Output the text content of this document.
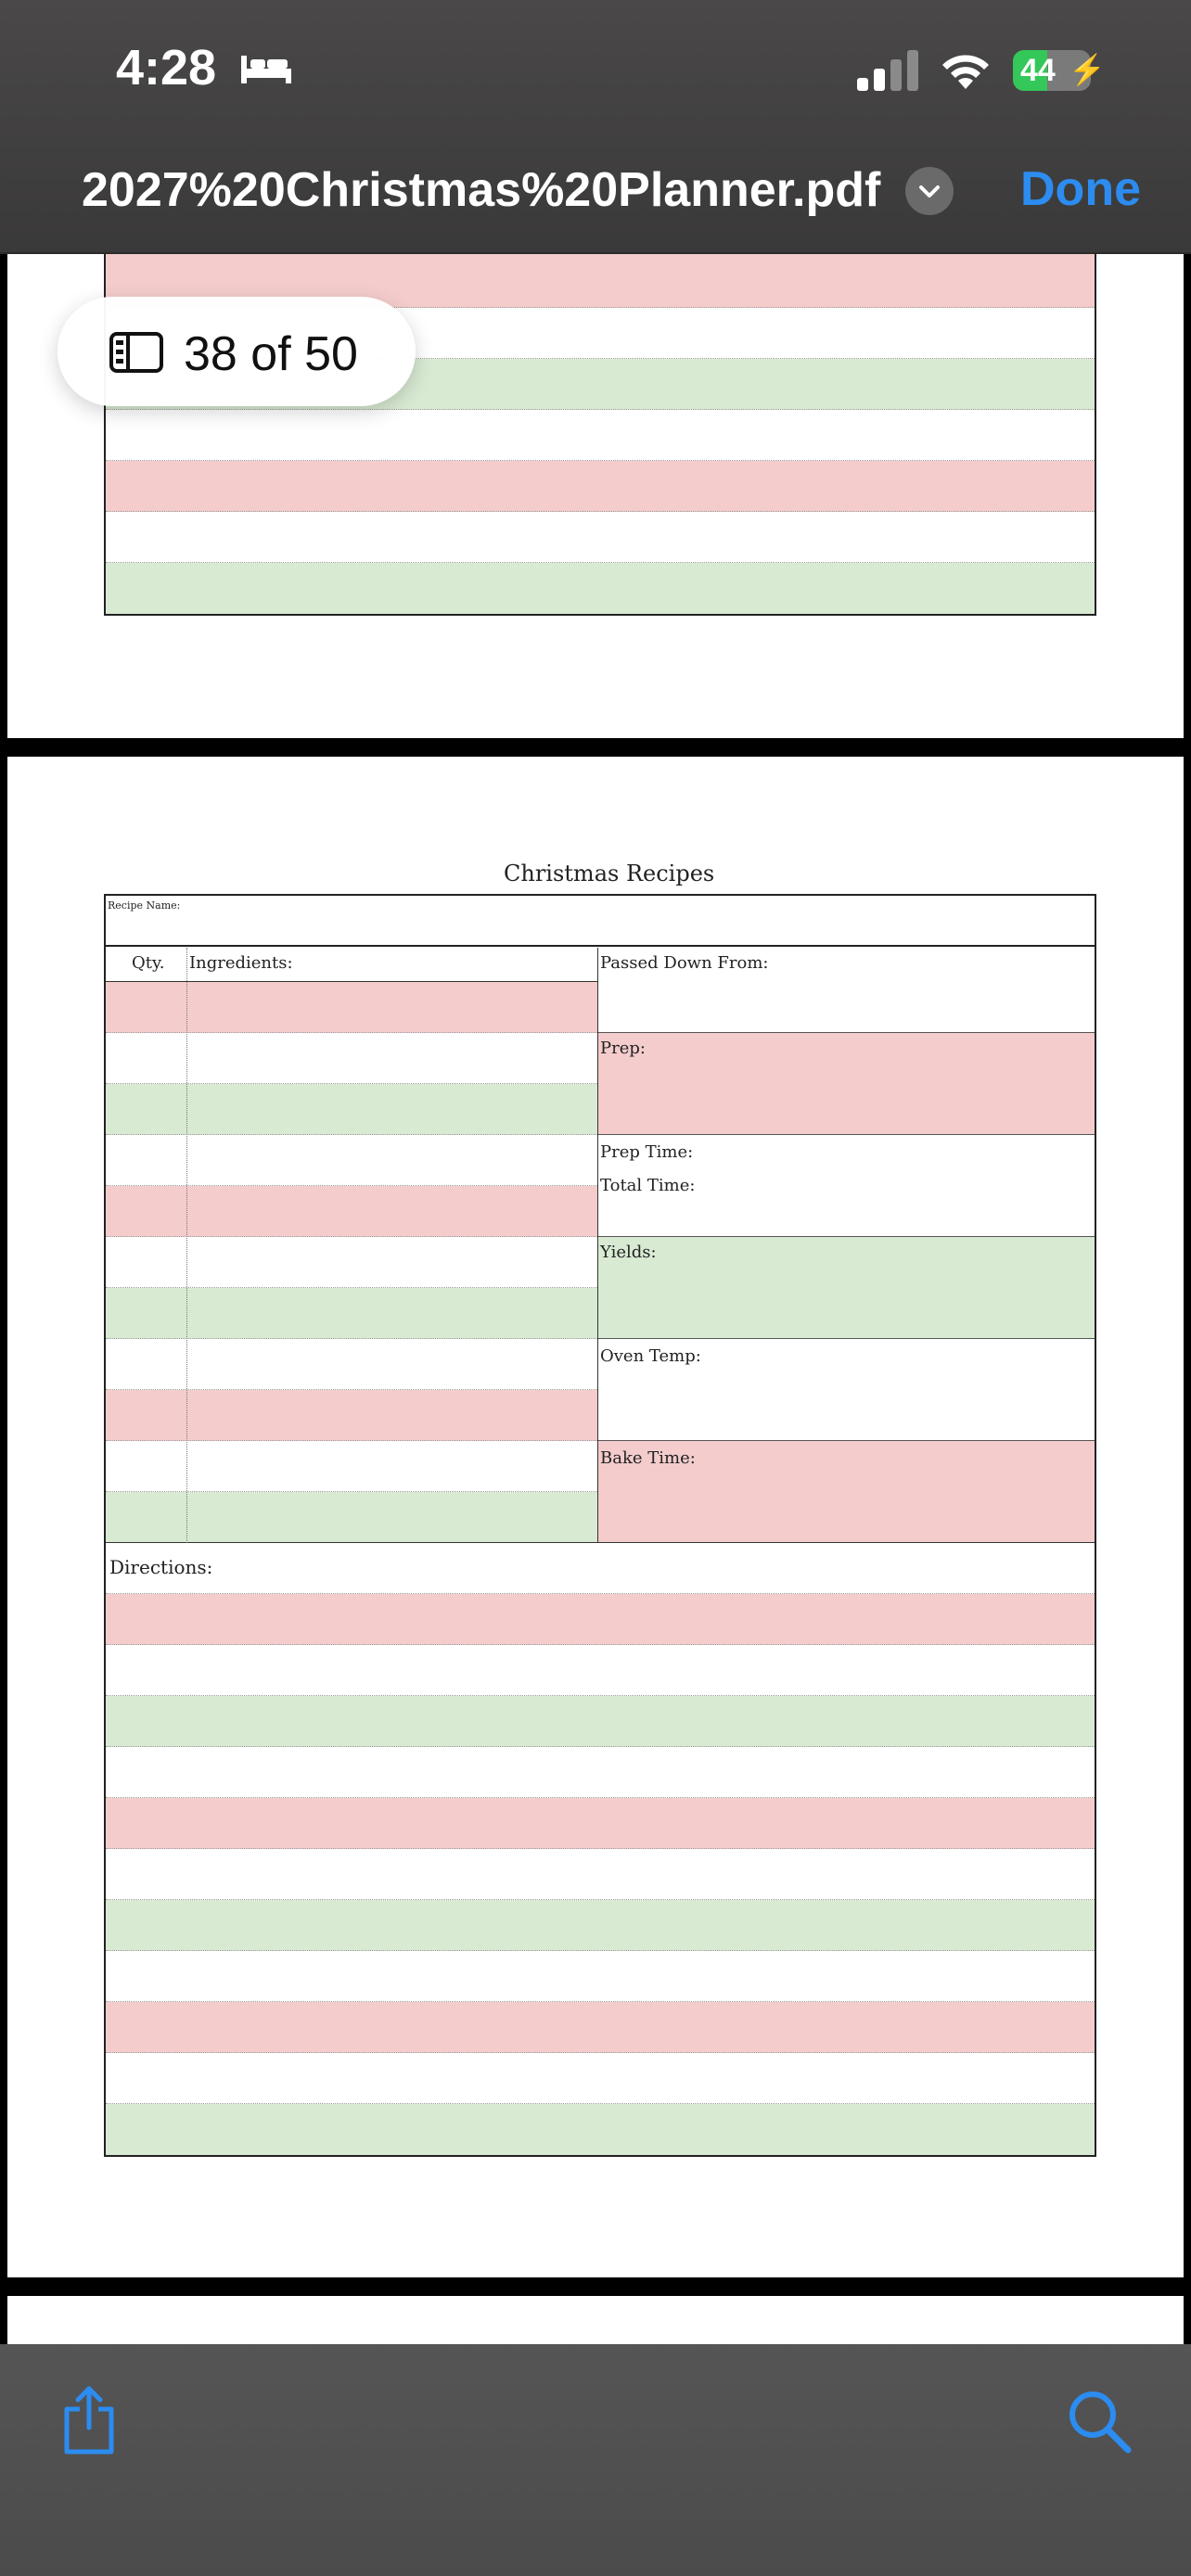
Christmas Recipes
Recipe Name:
Qty. Ingredients:	Passed Down From:
Prep:
Prep Time:
Total Time:
Yields:
Oven Temp:
Bake Time:
Directions:
4:28	44 ⚡
2027%20Christmas%20Planner.pdf	Done
38 of 50
